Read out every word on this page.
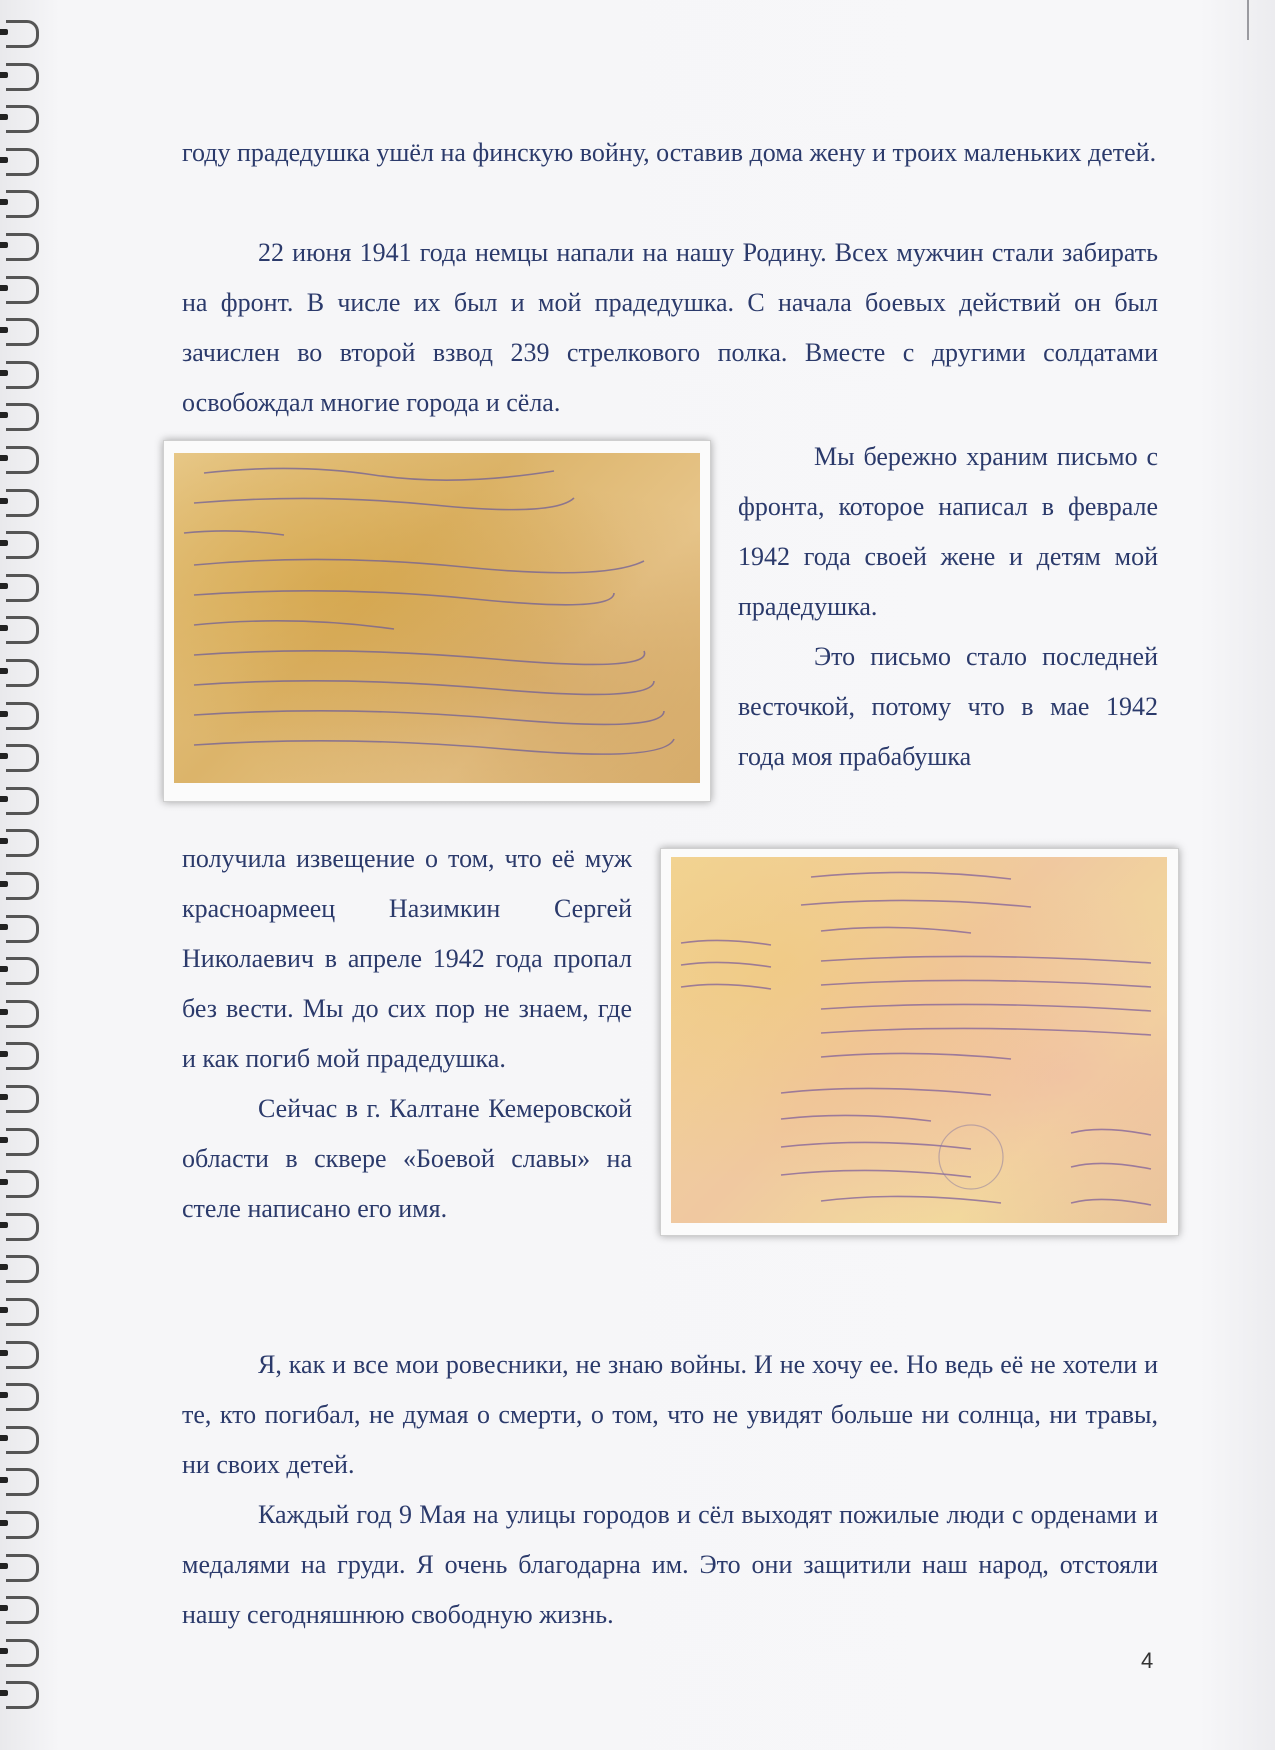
году прадедушка ушёл на финскую войну, оставив дома жену и троих маленьких детей.

22 июня 1941 года немцы напали на нашу Родину. Всех мужчин стали забирать на фронт. В числе их был и мой прадедушка. С начала боевых действий он был зачислен во второй взвод 239 стрелкового полка. Вместе с другими солдатами освобождал многие города и сёла.

Мы бережно храним письмо с фронта, которое написал в феврале 1942 года своей жене и детям мой прадедушка.

Это письмо стало последней весточкой, потому что в мае 1942 года моя прабабушка

получила извещение о том, что её муж красноармеец Назимкин Сергей Николаевич в апреле 1942 года пропал без вести. Мы до сих пор не знаем, где и как погиб мой прадедушка.

Сейчас в г. Калтане Кемеровской области в сквере «Боевой славы» на стеле написано его имя.

Я, как и все мои ровесники, не знаю войны. И не хочу ее. Но ведь её не хотели и те, кто погибал, не думая о смерти, о том, что не увидят больше ни солнца, ни травы, ни своих детей.

Каждый год 9 Мая на улицы городов и сёл выходят пожилые люди с орденами и медалями на груди. Я очень благодарна им. Это они защитили наш народ, отстояли нашу сегодняшнюю свободную жизнь.

4
